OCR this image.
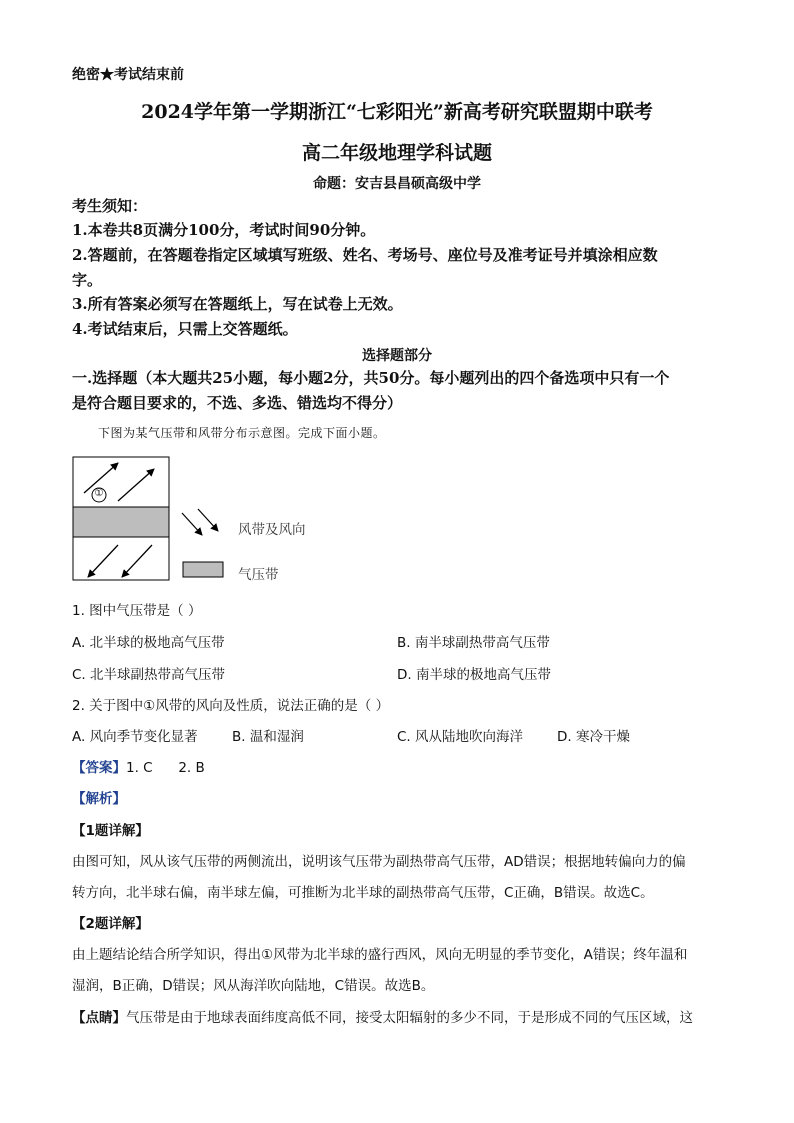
绝密★考试结束前
2024学年第一学期浙江“七彩阳光”新高考研究联盟期中联考
高二年级地理学科试题
命题：安吉县昌硕高级中学
考生须知：
1.本卷共8页满分100分，考试时间90分钟。
2.答题前，在答题卷指定区域填写班级、姓名、考场号、座位号及准考证号并填涂相应数
字。
3.所有答案必须写在答题纸上，写在试卷上无效。
4.考试结束后，只需上交答题纸。
选择题部分
一.选择题（本大题共25小题，每小题2分，共50分。每小题列出的四个备选项中只有一个
是符合题目要求的，不选、多选、错选均不得分）
下图为某气压带和风带分布示意图。完成下面小题。
①
风带及风向
气压带
1. 图中气压带是（ ）
A. 北半球的极地高气压带	B. 南半球副热带高气压带
C. 北半球副热带高气压带	D. 南半球的极地高气压带
2. 关于图中①风带的风向及性质，说法正确的是（ ）
A. 风向季节变化显著	B. 温和湿润	C. 风从陆地吹向海洋	D. 寒冷干燥
【答案】1. C      2. B
【解析】
【1题详解】
由图可知，风从该气压带的两侧流出，说明该气压带为副热带高气压带，AD错误；根据地转偏向力的偏
转方向，北半球右偏，南半球左偏，可推断为北半球的副热带高气压带，C正确，B错误。故选C。
【2题详解】
由上题结论结合所学知识，得出①风带为北半球的盛行西风，风向无明显的季节变化，A错误；终年温和
湿润，B正确，D错误；风从海洋吹向陆地，C错误。故选B。
【点睛】气压带是由于地球表面纬度高低不同，接受太阳辐射的多少不同，于是形成不同的气压区域，这
